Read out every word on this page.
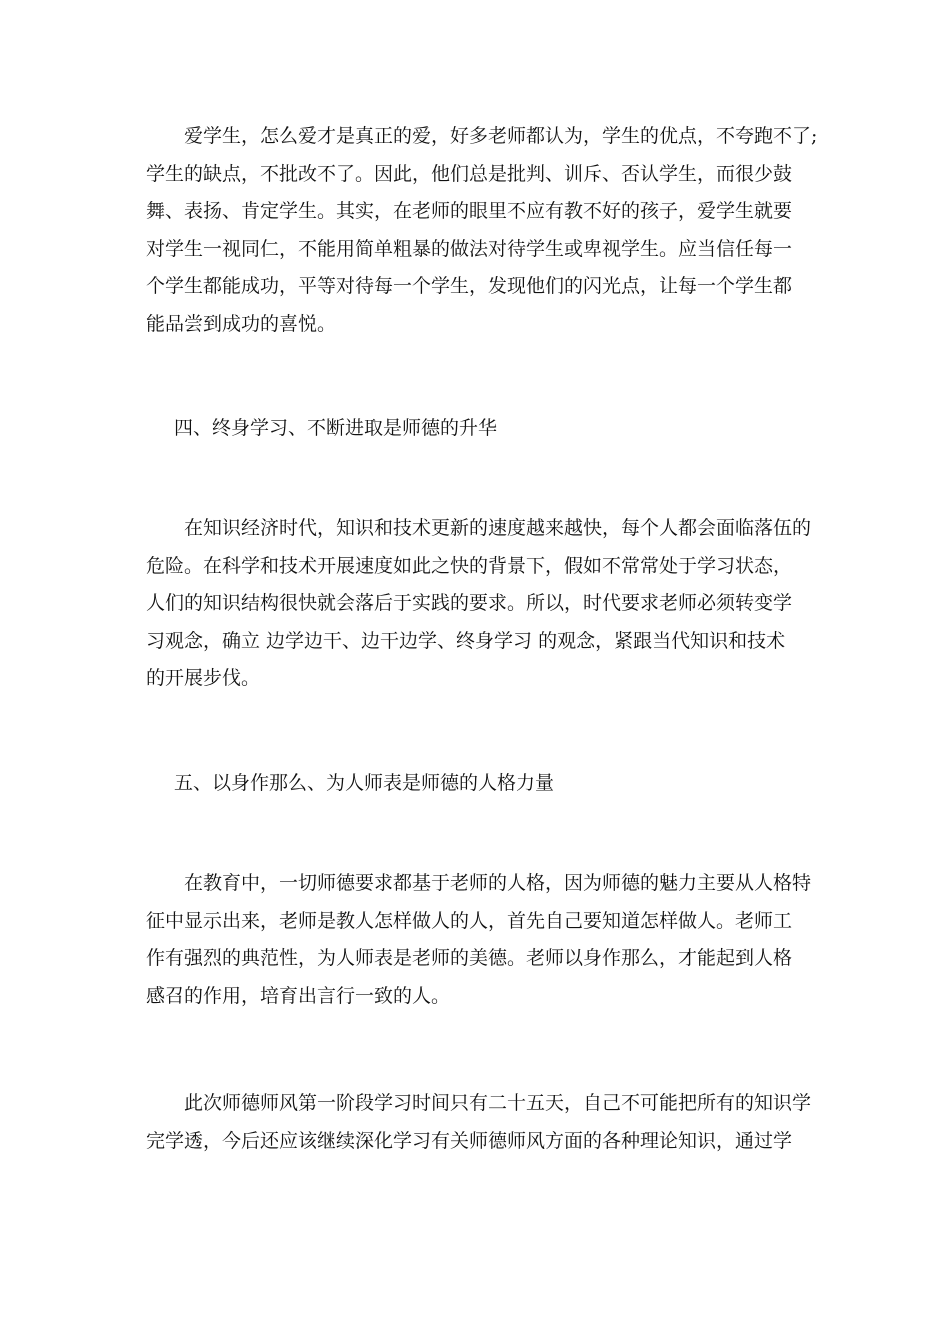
　　爱学生，怎么爱才是真正的爱，好多老师都认为，学生的优点，不夸跑不了;
学生的缺点，不批改不了。因此，他们总是批判、训斥、否认学生，而很少鼓
舞、表扬、肯定学生。其实，在老师的眼里不应有教不好的孩子，爱学生就要
对学生一视同仁，不能用简单粗暴的做法对待学生或卑视学生。应当信任每一
个学生都能成功，平等对待每一个学生，发现他们的闪光点，让每一个学生都
能品尝到成功的喜悦。

四、终身学习、不断进取是师德的升华

　　在知识经济时代，知识和技术更新的速度越来越快，每个人都会面临落伍的
危险。在科学和技术开展速度如此之快的背景下，假如不常常处于学习状态，
人们的知识结构很快就会落后于实践的要求。所以，时代要求老师必须转变学
习观念，确立 边学边干、边干边学、终身学习 的观念，紧跟当代知识和技术
的开展步伐。

五、以身作那么、为人师表是师德的人格力量

　　在教育中，一切师德要求都基于老师的人格，因为师德的魅力主要从人格特
征中显示出来，老师是教人怎样做人的人，首先自己要知道怎样做人。老师工
作有强烈的典范性，为人师表是老师的美德。老师以身作那么，才能起到人格
感召的作用，培育出言行一致的人。

　　此次师德师风第一阶段学习时间只有二十五天，自己不可能把所有的知识学
完学透，今后还应该继续深化学习有关师德师风方面的各种理论知识，通过学
